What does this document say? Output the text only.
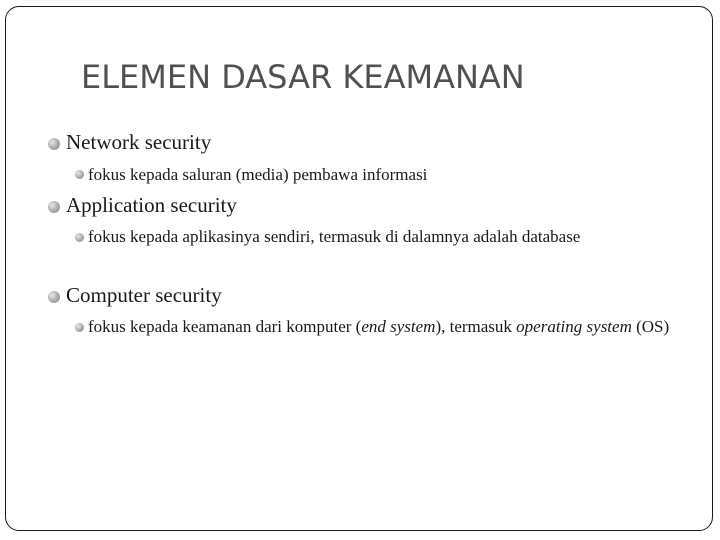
ELEMEN DASAR KEAMANAN

Network security

fokus kepada saluran (media) pembawa informasi

Application security

fokus kepada aplikasinya sendiri, termasuk di dalamnya adalah database

Computer security

fokus kepada keamanan dari komputer (end system), termasuk operating system (OS)
